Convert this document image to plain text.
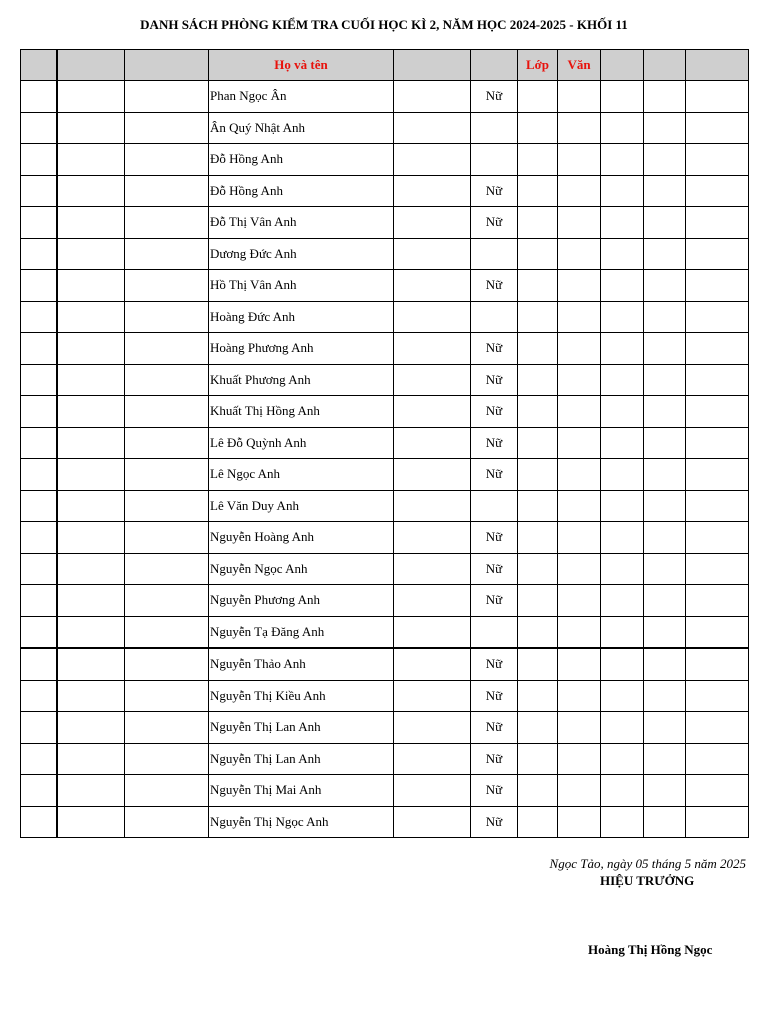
DANH SÁCH PHÒNG KIỂM TRA CUỐI HỌC KÌ 2, NĂM HỌC 2024-2025 - KHỐI 11
			Họ và tên			Lớp	Văn			
			Phan Ngọc Ân		Nữ					
			Ân Quý Nhật Anh							
			Đỗ Hồng Anh							
			Đỗ Hồng Anh		Nữ					
			Đỗ Thị Vân Anh		Nữ					
			Dương Đức Anh							
			Hồ Thị Vân Anh		Nữ					
			Hoàng Đức Anh							
			Hoàng Phương Anh		Nữ					
			Khuất Phương Anh		Nữ					
			Khuất Thị Hồng Anh		Nữ					
			Lê Đỗ Quỳnh Anh		Nữ					
			Lê Ngọc Anh		Nữ					
			Lê Văn Duy Anh							
			Nguyễn Hoàng Anh		Nữ					
			Nguyễn Ngọc Anh		Nữ					
			Nguyễn Phương Anh		Nữ					
			Nguyễn Tạ Đăng Anh							
			Nguyễn Thảo Anh		Nữ					
			Nguyễn Thị Kiều Anh		Nữ					
			Nguyễn Thị Lan Anh		Nữ					
			Nguyễn Thị Lan Anh		Nữ					
			Nguyễn Thị Mai Anh		Nữ					
			Nguyễn Thị Ngọc Anh		Nữ					
Ngọc Tảo, ngày 05 tháng 5 năm 2025
HIỆU TRƯỞNG
Hoàng Thị Hồng Ngọc
